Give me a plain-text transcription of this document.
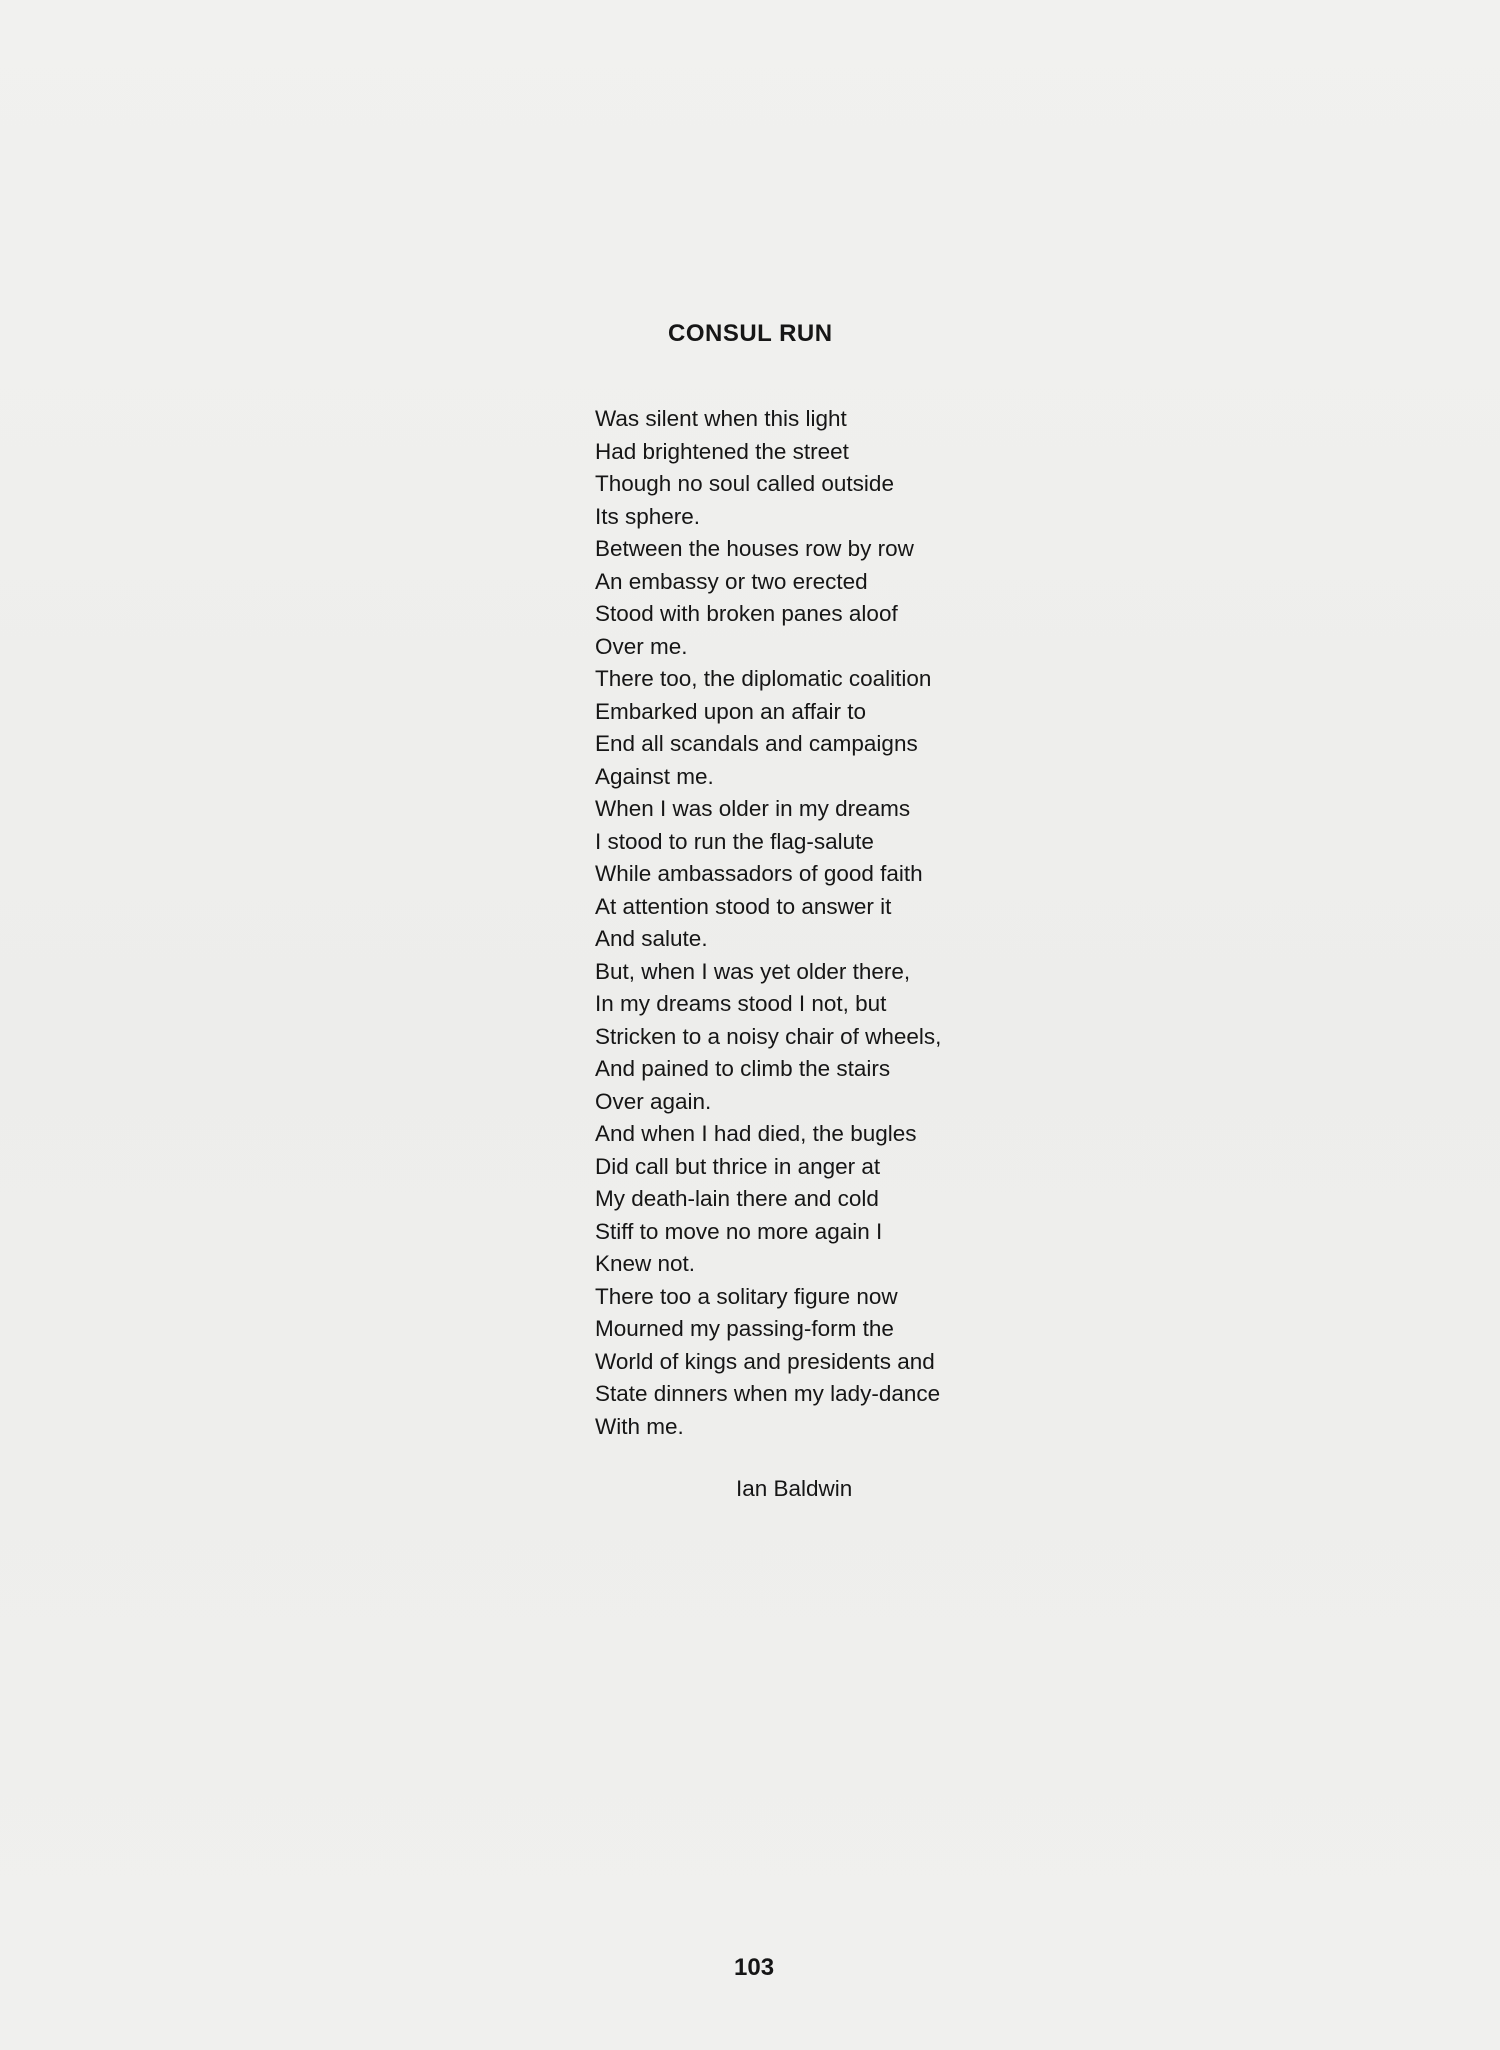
CONSUL RUN
Was silent when this light
Had brightened the street
Though no soul called outside
Its sphere.
Between the houses row by row
An embassy or two erected
Stood with broken panes aloof
Over me.
There too, the diplomatic coalition
Embarked upon an affair to
End all scandals and campaigns
Against me.
When I was older in my dreams
I stood to run the flag-salute
While ambassadors of good faith
At attention stood to answer it
And salute.
But, when I was yet older there,
In my dreams stood I not, but
Stricken to a noisy chair of wheels,
And pained to climb the stairs
Over again.
And when I had died, the bugles
Did call but thrice in anger at
My death-lain there and cold
Stiff to move no more again I
Knew not.
There too a solitary figure now
Mourned my passing-form the
World of kings and presidents and
State dinners when my lady-dance
With me.
Ian Baldwin
103
